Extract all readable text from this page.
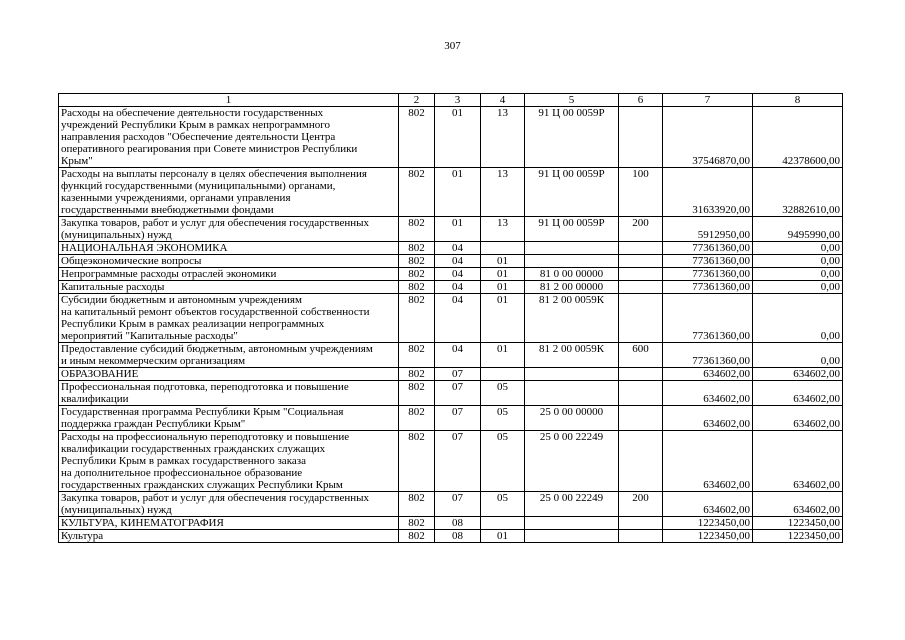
307
1	2	3	4	5	6	7	8
Расходы на обеспечение деятельности государственных
учреждений Республики Крым в рамках непрограммного
направления расходов "Обеспечение деятельности Центра
оперативного реагирования при Совете министров Республики
Крым"	802	01	13	91 Ц 00 0059Р		37546870,00	42378600,00
Расходы на выплаты персоналу в целях обеспечения выполнения
функций государственными (муниципальными) органами,
казенными учреждениями, органами управления
государственными внебюджетными фондами	802	01	13	91 Ц 00 0059Р	100	31633920,00	32882610,00
Закупка товаров, работ и услуг для обеспечения государственных
(муниципальных) нужд	802	01	13	91 Ц 00 0059Р	200	5912950,00	9495990,00
НАЦИОНАЛЬНАЯ ЭКОНОМИКА	802	04				77361360,00	0,00
Общеэкономические вопросы	802	04	01			77361360,00	0,00
Непрограммные расходы отраслей экономики	802	04	01	81 0 00 00000		77361360,00	0,00
Капитальные расходы	802	04	01	81 2 00 00000		77361360,00	0,00
Субсидии бюджетным и автономным учреждениям
на капитальный ремонт объектов государственной собственности
Республики Крым в рамках реализации непрограммных
мероприятий "Капитальные расходы"	802	04	01	81 2 00 0059К		77361360,00	0,00
Предоставление субсидий бюджетным, автономным учреждениям
и иным некоммерческим организациям	802	04	01	81 2 00 0059К	600	77361360,00	0,00
ОБРАЗОВАНИЕ	802	07				634602,00	634602,00
Профессиональная подготовка, переподготовка и повышение
квалификации	802	07	05			634602,00	634602,00
Государственная программа Республики Крым "Социальная
поддержка граждан Республики Крым"	802	07	05	25 0 00 00000		634602,00	634602,00
Расходы на профессиональную переподготовку и повышение
квалификации государственных гражданских служащих
Республики Крым в рамках государственного заказа
на дополнительное профессиональное образование
государственных гражданских служащих Республики Крым	802	07	05	25 0 00 22249		634602,00	634602,00
Закупка товаров, работ и услуг для обеспечения государственных
(муниципальных) нужд	802	07	05	25 0 00 22249	200	634602,00	634602,00
КУЛЬТУРА, КИНЕМАТОГРАФИЯ	802	08				1223450,00	1223450,00
Культура	802	08	01			1223450,00	1223450,00
